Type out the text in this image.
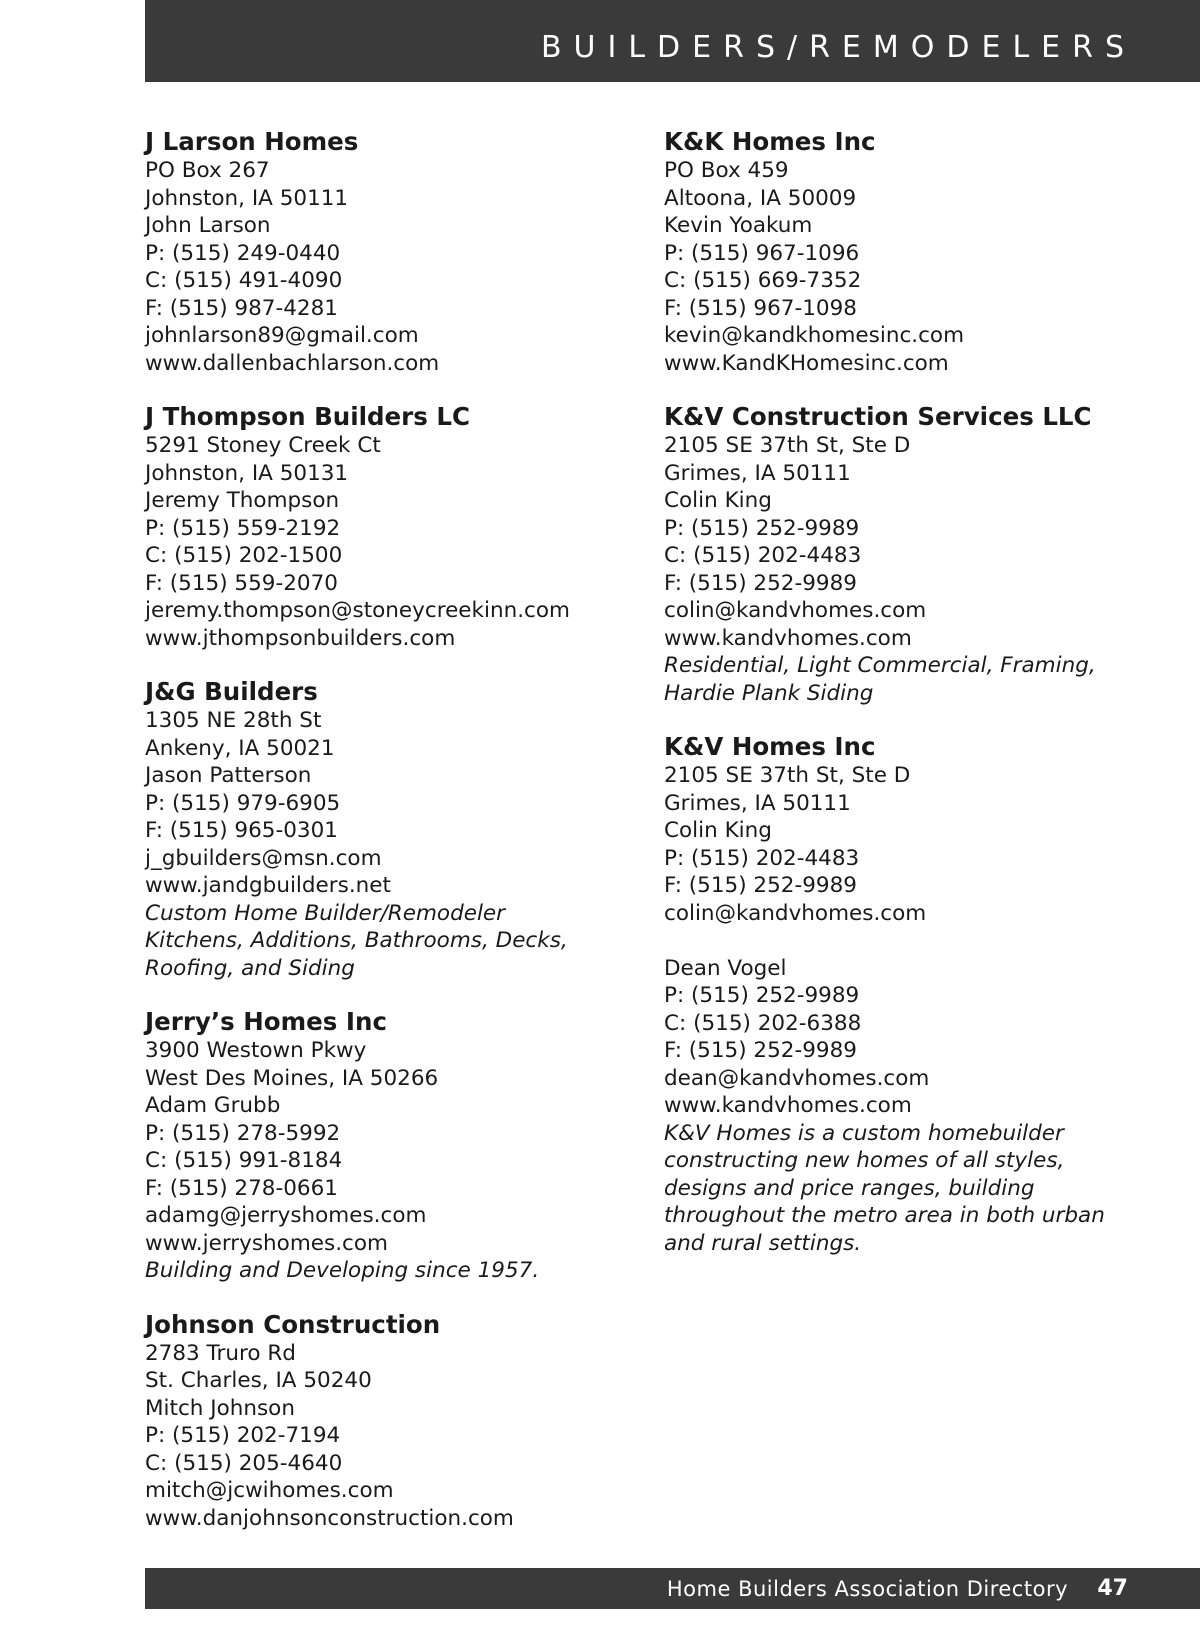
BUILDERS/REMODELERS
J Larson Homes
PO Box 267
Johnston, IA 50111
John Larson
P: (515) 249-0440
C: (515) 491-4090
F: (515) 987-4281
johnlarson89@gmail.com
www.dallenbachlarson.com
J Thompson Builders LC
5291 Stoney Creek Ct
Johnston, IA 50131
Jeremy Thompson
P: (515) 559-2192
C: (515) 202-1500
F: (515) 559-2070
jeremy.thompson@stoneycreekinn.com
www.jthompsonbuilders.com
J&G Builders
1305 NE 28th St
Ankeny, IA 50021
Jason Patterson
P: (515) 979-6905
F: (515) 965-0301
j_gbuilders@msn.com
www.jandgbuilders.net
Custom Home Builder/Remodeler
Kitchens, Additions, Bathrooms, Decks,
Roofing, and Siding
Jerry’s Homes Inc
3900 Westown Pkwy
West Des Moines, IA 50266
Adam Grubb
P: (515) 278-5992
C: (515) 991-8184
F: (515) 278-0661
adamg@jerryshomes.com
www.jerryshomes.com
Building and Developing since 1957.
Johnson Construction
2783 Truro Rd
St. Charles, IA 50240
Mitch Johnson
P: (515) 202-7194
C: (515) 205-4640
mitch@jcwihomes.com
www.danjohnsonconstruction.com
K&K Homes Inc
PO Box 459
Altoona, IA 50009
Kevin Yoakum
P: (515) 967-1096
C: (515) 669-7352
F: (515) 967-1098
kevin@kandkhomesinc.com
www.KandKHomesinc.com
K&V Construction Services LLC
2105 SE 37th St, Ste D
Grimes, IA 50111
Colin King
P: (515) 252-9989
C: (515) 202-4483
F: (515) 252-9989
colin@kandvhomes.com
www.kandvhomes.com
Residential, Light Commercial, Framing,
Hardie Plank Siding
K&V Homes Inc
2105 SE 37th St, Ste D
Grimes, IA 50111
Colin King
P: (515) 202-4483
F: (515) 252-9989
colin@kandvhomes.com
Dean Vogel
P: (515) 252-9989
C: (515) 202-6388
F: (515) 252-9989
dean@kandvhomes.com
www.kandvhomes.com
K&V Homes is a custom homebuilder
constructing new homes of all styles,
designs and price ranges, building
throughout the metro area in both urban
and rural settings.
Home Builders Association Directory 47
